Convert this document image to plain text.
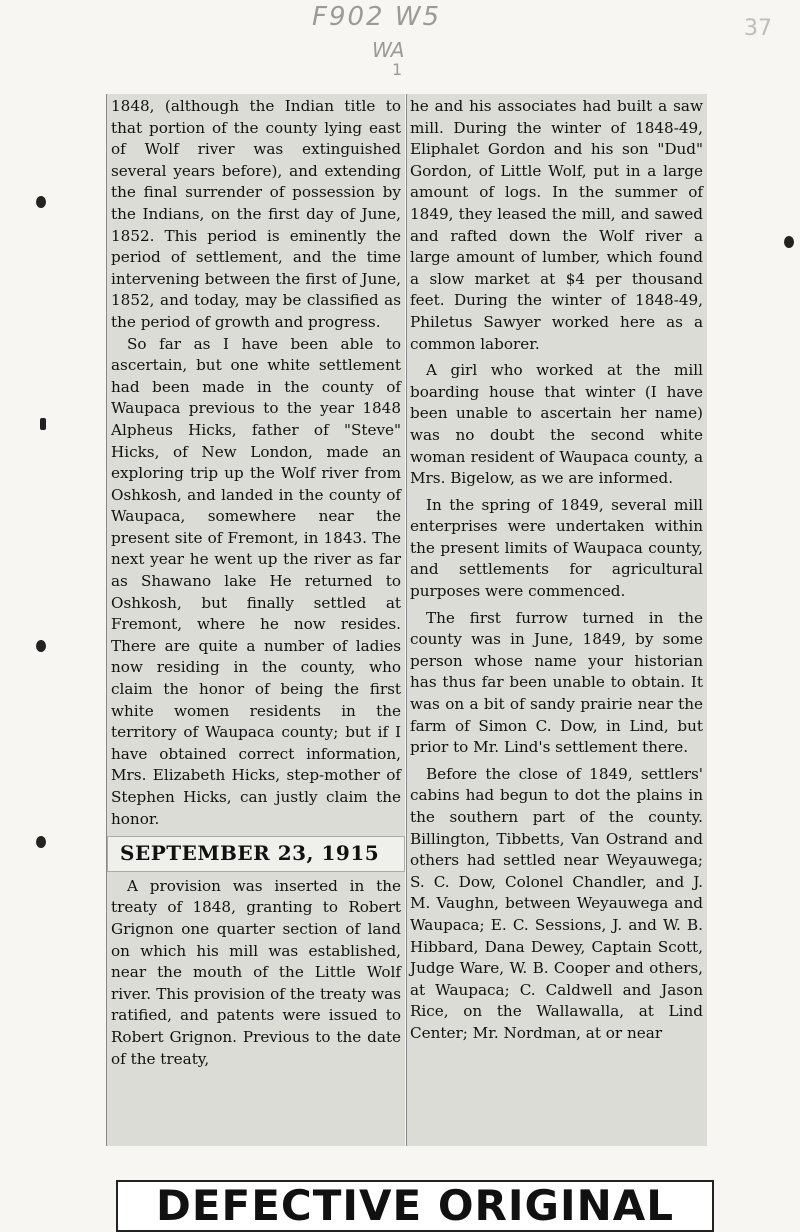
F902 W5
WA
1
37

1848, (although the Indian title to that portion of the county lying east of Wolf river was extinguished several years before), and extending the final surrender of possession by the Indians, on the first day of June, 1852. This period is eminently the period of settlement, and the time intervening between the first of June, 1852, and today, may be classified as the period of growth and progress.

So far as I have been able to ascertain, but one white settlement had been made in the county of Waupaca previous to the year 1848 Alpheus Hicks, father of "Steve" Hicks, of New London, made an exploring trip up the Wolf river from Oshkosh, and landed in the county of Waupaca, somewhere near the present site of Fremont, in 1843. The next year he went up the river as far as Shawano lake He returned to Oshkosh, but finally settled at Fremont, where he now resides. There are quite a number of ladies now residing in the county, who claim the honor of being the first white women residents in the territory of Waupaca county; but if I have obtained correct information, Mrs. Elizabeth Hicks, step-mother of Stephen Hicks, can justly claim the honor.

SEPTEMBER 23, 1915

A provision was inserted in the treaty of 1848, granting to Robert Grignon one quarter section of land on which his mill was established, near the mouth of the Little Wolf river. This provision of the treaty was ratified, and patents were issued to Robert Grignon. Previous to the date of the treaty,

he and his associates had built a saw mill. During the winter of 1848-49, Eliphalet Gordon and his son "Dud" Gordon, of Little Wolf, put in a large amount of logs. In the summer of 1849, they leased the mill, and sawed and rafted down the Wolf river a large amount of lumber, which found a slow market at $4 per thousand feet. During the winter of 1848-49, Philetus Sawyer worked here as a common laborer.

A girl who worked at the mill boarding house that winter (I have been unable to ascertain her name) was no doubt the second white woman resident of Waupaca county, a Mrs. Bigelow, as we are informed.

In the spring of 1849, several mill enterprises were undertaken within the present limits of Waupaca county, and settlements for agricultural purposes were commenced.

The first furrow turned in the county was in June, 1849, by some person whose name your historian has thus far been unable to obtain. It was on a bit of sandy prairie near the farm of Simon C. Dow, in Lind, but prior to Mr. Lind's settlement there.

Before the close of 1849, settlers' cabins had begun to dot the plains in the southern part of the county. Billington, Tibbetts, Van Ostrand and others had settled near Weyauwega; S. C. Dow, Colonel Chandler, and J. M. Vaughn, between Weyauwega and Waupaca; E. C. Sessions, J. and W. B. Hibbard, Dana Dewey, Captain Scott, Judge Ware, W. B. Cooper and others, at Waupaca; C. Caldwell and Jason Rice, on the Wallawalla, at Lind Center; Mr. Nordman, at or near

DEFECTIVE ORIGINAL
